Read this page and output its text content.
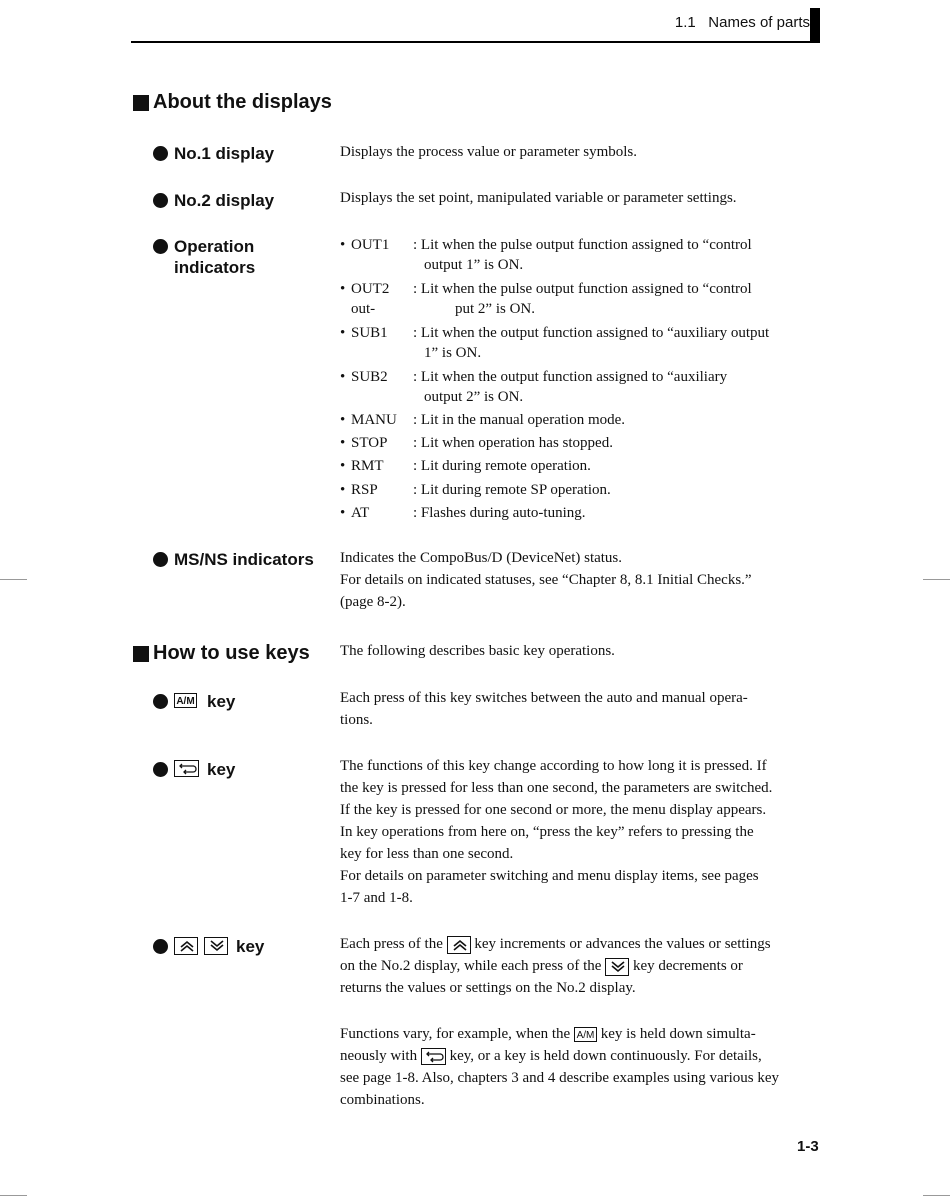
1.1 Names of parts
About the displays
No.1 display	Displays the process value or parameter symbols.
No.2 display	Displays the set point, manipulated variable or parameter settings.
Operation
indicators
• OUT1 : Lit when the pulse output function assigned to “control
output 1” is ON.
• OUT2 : Lit when the pulse output function assigned to “control
out-	put 2” is ON.
• SUB1 : Lit when the output function assigned to “auxiliary output
1” is ON.
• SUB2 : Lit when the output function assigned to “auxiliary
output 2” is ON.
• MANU : Lit in the manual operation mode.
• STOP : Lit when operation has stopped.
• RMT : Lit during remote operation.
• RSP : Lit during remote SP operation.
• AT	: Flashes during auto-tuning.
MS/NS indicators Indicates the CompoBus/D (DeviceNet) status.
For details on indicated statuses, see “Chapter 8, 8.1 Initial Checks.”
(page 8-2).
How to use keys The following describes basic key operations.
A/M key	Each press of this key switches between the auto and manual opera-
tions.
key	The functions of this key change according to how long it is pressed. If
the key is pressed for less than one second, the parameters are switched.
If the key is pressed for one second or more, the menu display appears.
In key operations from here on, “press the key” refers to pressing the
key for less than one second.
For details on parameter switching and menu display items, see pages
1-7 and 1-8.
key	Each press of the key increments or advances the values or settings
on the No.2 display, while each press of the key decrements or
returns the values or settings on the No.2 display.
Functions vary, for example, when the A/M key is held down simulta-
neously with key, or a key is held down continuously. For details,
see page 1-8. Also, chapters 3 and 4 describe examples using various key
combinations.
1-3
